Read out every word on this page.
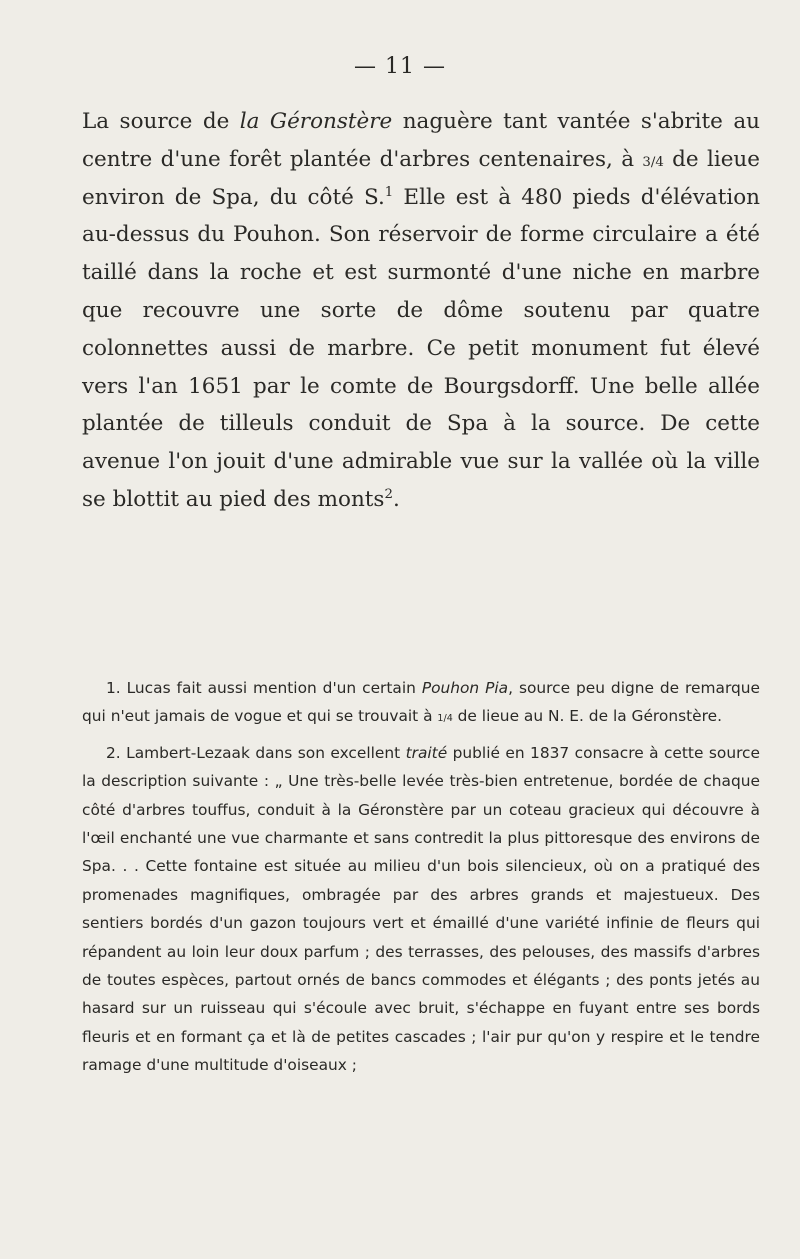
— 11 —

La source de la Géronstère naguère tant vantée s'abrite au centre d'une forêt plantée d'arbres centenaires, à 3/4 de lieue environ de Spa, du côté S.$^1$ Elle est à 480 pieds d'élévation au-dessus du Pouhon. Son réservoir de forme circulaire a été taillé dans la roche et est surmonté d'une niche en marbre que recouvre une sorte de dôme soutenu par quatre colonnettes aussi de marbre. Ce petit monument fut élevé vers l'an 1651 par le comte de Bourgsdorff. Une belle allée plantée de tilleuls conduit de Spa à la source. De cette avenue l'on jouit d'une admirable vue sur la vallée où la ville se blottit au pied des monts$^2$.

1. Lucas fait aussi mention d'un certain Pouhon Pia, source peu digne de remarque qui n'eut jamais de vogue et qui se trouvait à 1/4 de lieue au N. E. de la Géronstère.

2. Lambert-Lezaak dans son excellent traité publié en 1837 consacre à cette source la description suivante : „ Une très-belle levée très-bien entretenue, bordée de chaque côté d'arbres touffus, conduit à la Géronstère par un coteau gracieux qui découvre à l'œil enchanté une vue charmante et sans contredit la plus pittoresque des environs de Spa. . . Cette fontaine est située au milieu d'un bois silencieux, où on a pratiqué des promenades magnifiques, ombragée par des arbres grands et majestueux. Des sentiers bordés d'un gazon toujours vert et émaillé d'une variété infinie de fleurs qui répandent au loin leur doux parfum ; des terrasses, des pelouses, des massifs d'arbres de toutes espèces, partout ornés de bancs commodes et élégants ; des ponts jetés au hasard sur un ruisseau qui s'écoule avec bruit, s'échappe en fuyant entre ses bords fleuris et en formant ça et là de petites cascades ; l'air pur qu'on y respire et le tendre ramage d'une multitude d'oiseaux ;
